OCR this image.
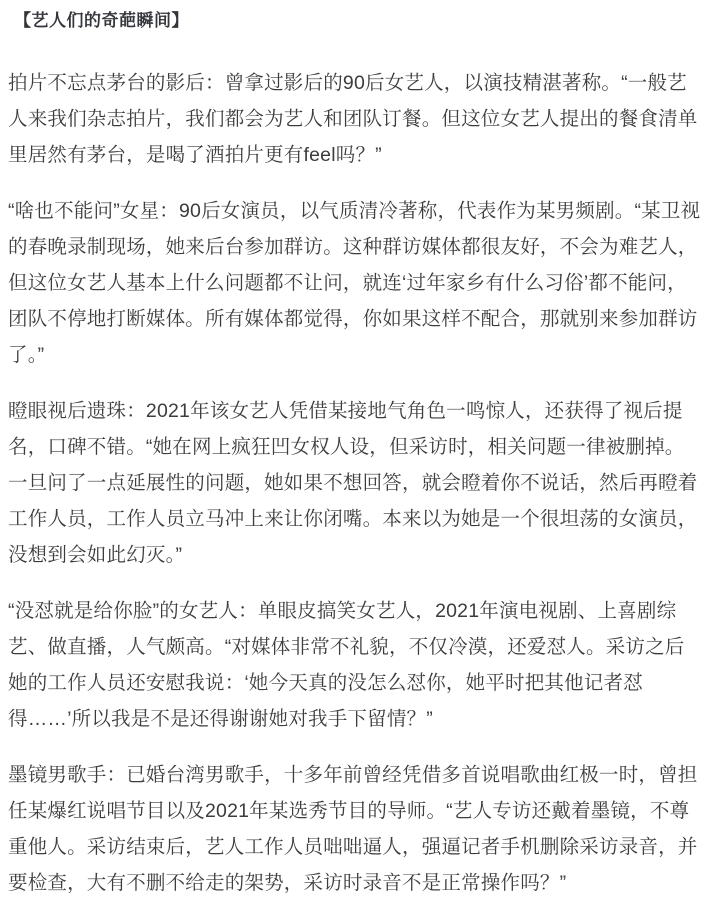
【艺人们的奇葩瞬间】

拍片不忘点茅台的影后：曾拿过影后的90后女艺人，以演技精湛著称。“一般艺人来我们杂志拍片，我们都会为艺人和团队订餐。但这位女艺人提出的餐食清单里居然有茅台，是喝了酒拍片更有feel吗？”

“啥也不能问”女星：90后女演员，以气质清冷著称，代表作为某男频剧。“某卫视的春晚录制现场，她来后台参加群访。这种群访媒体都很友好，不会为难艺人，但这位女艺人基本上什么问题都不让问，就连‘过年家乡有什么习俗’都不能问，团队不停地打断媒体。所有媒体都觉得，你如果这样不配合，那就别来参加群访了。”

瞪眼视后遗珠：2021年该女艺人凭借某接地气角色一鸣惊人，还获得了视后提名，口碑不错。“她在网上疯狂凹女权人设，但采访时，相关问题一律被删掉。一旦问了一点延展性的问题，她如果不想回答，就会瞪着你不说话，然后再瞪着工作人员，工作人员立马冲上来让你闭嘴。本来以为她是一个很坦荡的女演员，没想到会如此幻灭。”

“没怼就是给你脸”的女艺人：单眼皮搞笑女艺人，2021年演电视剧、上喜剧综艺、做直播，人气颇高。“对媒体非常不礼貌，不仅冷漠，还爱怼人。采访之后她的工作人员还安慰我说：‘她今天真的没怎么怼你，她平时把其他记者怼得……’所以我是不是还得谢谢她对我手下留情？”

墨镜男歌手：已婚台湾男歌手，十多年前曾经凭借多首说唱歌曲红极一时，曾担任某爆红说唱节目以及2021年某选秀节目的导师。“艺人专访还戴着墨镜，不尊重他人。采访结束后，艺人工作人员咄咄逼人，强逼记者手机删除采访录音，并要检查，大有不删不给走的架势，采访时录音不是正常操作吗？”
